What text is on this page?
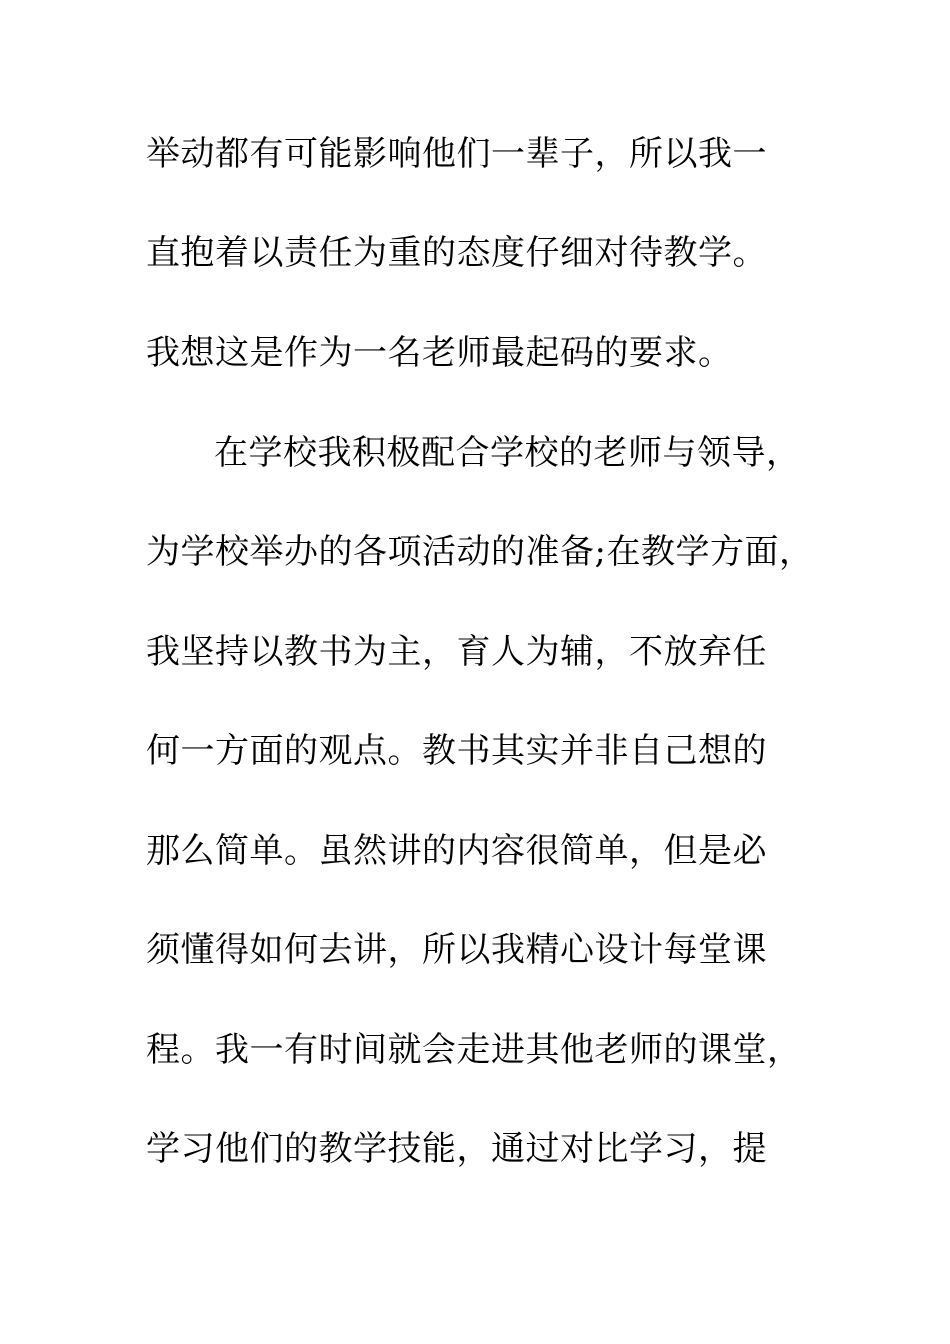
举动都有可能影响他们一辈子，所以我一
直抱着以责任为重的态度仔细对待教学。
我想这是作为一名老师最起码的要求。
在学校我积极配合学校的老师与领导，
为学校举办的各项活动的准备;在教学方面，
我坚持以教书为主，育人为辅，不放弃任
何一方面的观点。教书其实并非自己想的
那么简单。虽然讲的内容很简单，但是必
须懂得如何去讲，所以我精心设计每堂课
程。我一有时间就会走进其他老师的课堂，
学习他们的教学技能，通过对比学习，提
